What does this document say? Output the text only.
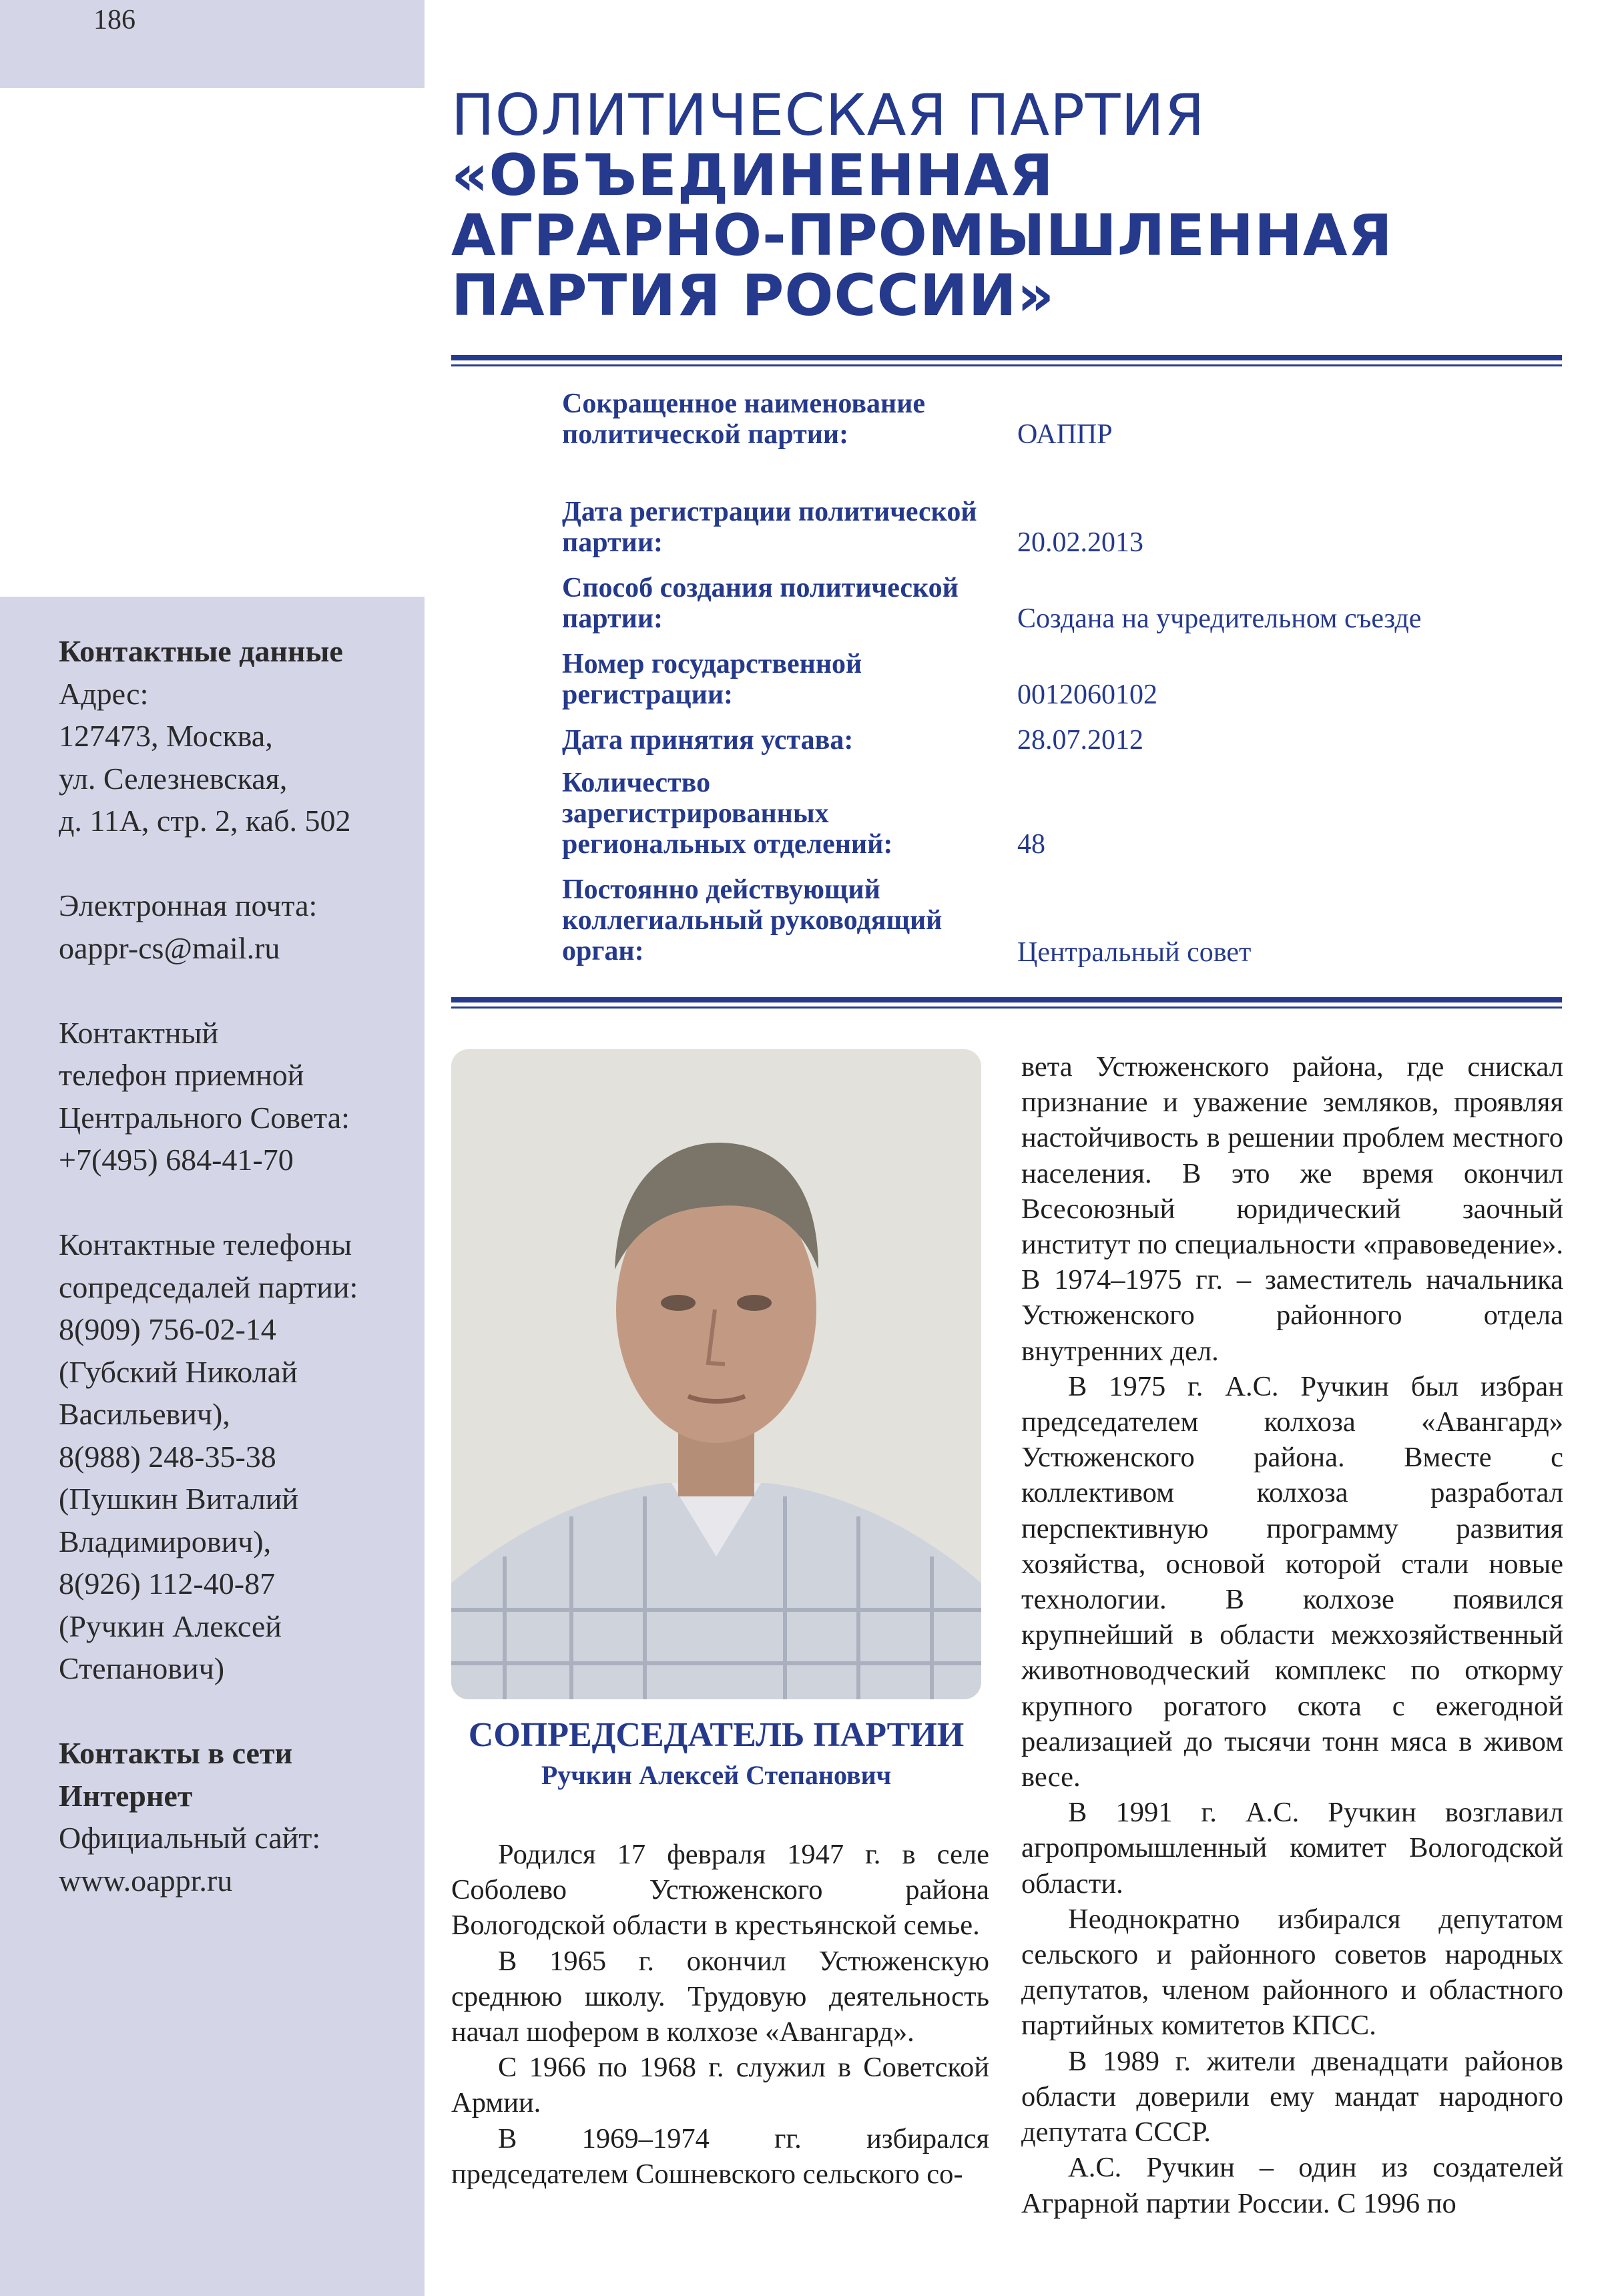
186
Контактные данные
Адрес:
127473, Москва,
ул. Селезневская,
д. 11А, стр. 2, каб. 502
Электронная почта:
oappr-cs@mail.ru
Контактный
телефон приемной
Центрального Совета:
+7(495) 684-41-70
Контактные телефоны
сопредседалей партии:
8(909) 756-02-14
(Губский Николай
Васильевич),
8(988) 248-35-38
(Пушкин Виталий
Владимирович),
8(926) 112-40-87
(Ручкин Алексей
Степанович)
Контакты в сети
Интернет
Официальный сайт:
www.oappr.ru
ПОЛИТИЧЕСКАЯ ПАРТИЯ
«ОБЪЕДИНЕННАЯ
АГРАРНО-ПРОМЫШЛЕННАЯ
ПАРТИЯ РОССИИ»
Сокращенное наименование политической партии:	ОАППР
Дата регистрации политической партии:	20.02.2013
Способ создания политической партии:	Создана на учредительном съезде
Номер государственной регистрации:	0012060102
Дата принятия устава:	28.07.2012
Количество зарегистрированных региональных отделений:	48
Постоянно действующий коллегиальный руководящий орган:	Центральный совет
СОПРЕДСЕДАТЕЛЬ ПАРТИИ
Ручкин Алексей Степанович

Родился 17 февраля 1947 г. в селе Соболево Устюженского района Вологодской области в крестьянской семье.

В 1965 г. окончил Устюженскую среднюю школу. Трудовую деятельность начал шофером в колхозе «Авангард».

С 1966 по 1968 г. служил в Советской Армии.

В 1969–1974 гг. избирался председателем Сошневского сельского со-

вета Устюженского района, где снискал признание и уважение земляков, проявляя настойчивость в решении проблем местного населения. В это же время окончил Всесоюзный юридический заочный институт по специальности «правоведение». В 1974–1975 гг. – заместитель начальника Устюженского районного отдела внутренних дел.

В 1975 г. А.С. Ручкин был избран председателем колхоза «Авангард» Устюженского района. Вместе с коллективом колхоза разработал перспективную программу развития хозяйства, основой которой стали новые технологии. В колхозе появился крупнейший в области межхозяйственный животноводческий комплекс по откорму крупного рогатого скота с ежегодной реализацией до тысячи тонн мяса в живом весе.

В 1991 г. А.С. Ручкин возглавил агропромышленный комитет Вологодской области.

Неоднократно избирался депутатом сельского и районного советов народных депутатов, членом районного и областного партийных комитетов КПСС.

В 1989 г. жители двенадцати районов области доверили ему мандат народного депутата СССР.

А.С. Ручкин – один из создателей Аграрной партии России. С 1996 по
